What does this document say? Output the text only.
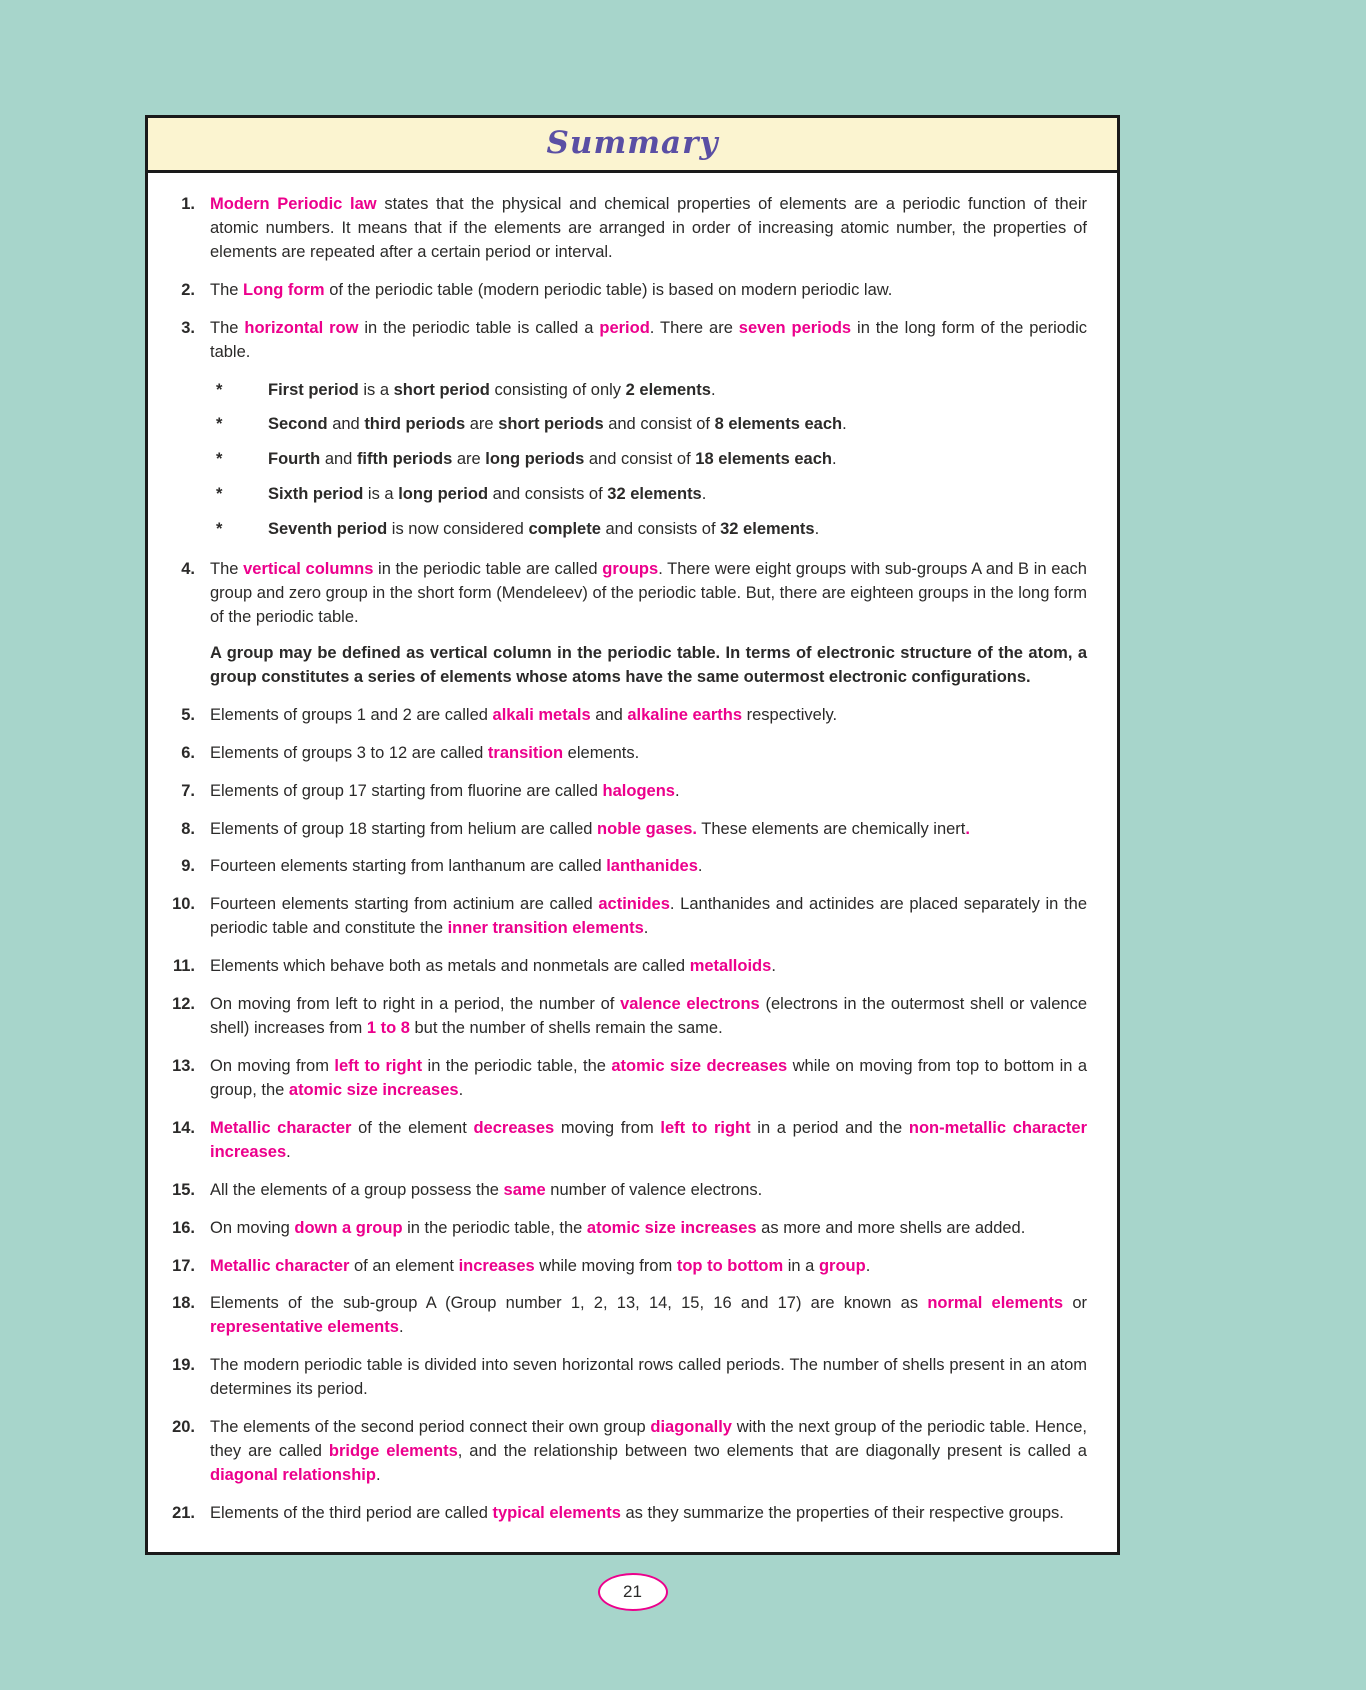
Summary
1. Modern Periodic law states that the physical and chemical properties of elements are a periodic function of their atomic numbers. It means that if the elements are arranged in order of increasing atomic number, the properties of elements are repeated after a certain period or interval.
2. The Long form of the periodic table (modern periodic table) is based on modern periodic law.
3. The horizontal row in the periodic table is called a period. There are seven periods in the long form of the periodic table.
*	First period is a short period consisting of only 2 elements.
*	Second and third periods are short periods and consist of 8 elements each.
*	Fourth and fifth periods are long periods and consist of 18 elements each.
*	Sixth period is a long period and consists of 32 elements.
*	Seventh period is now considered complete and consists of 32 elements.
4. The vertical columns in the periodic table are called groups. There were eight groups with sub-groups A and B in each group and zero group in the short form (Mendeleev) of the periodic table. But, there are eighteen groups in the long form of the periodic table.
A group may be defined as vertical column in the periodic table. In terms of electronic structure of the atom, a group constitutes a series of elements whose atoms have the same outermost electronic configurations.
5. Elements of groups 1 and 2 are called alkali metals and alkaline earths respectively.
6. Elements of groups 3 to 12 are called transition elements.
7. Elements of group 17 starting from fluorine are called halogens.
8. Elements of group 18 starting from helium are called noble gases. These elements are chemically inert.
9. Fourteen elements starting from lanthanum are called lanthanides.
10. Fourteen elements starting from actinium are called actinides. Lanthanides and actinides are placed separately in the periodic table and constitute the inner transition elements.
11. Elements which behave both as metals and nonmetals are called metalloids.
12. On moving from left to right in a period, the number of valence electrons (electrons in the outermost shell or valence shell) increases from 1 to 8 but the number of shells remain the same.
13. On moving from left to right in the periodic table, the atomic size decreases while on moving from top to bottom in a group, the atomic size increases.
14. Metallic character of the element decreases moving from left to right in a period and the non-metallic character increases.
15. All the elements of a group possess the same number of valence electrons.
16. On moving down a group in the periodic table, the atomic size increases as more and more shells are added.
17. Metallic character of an element increases while moving from top to bottom in a group.
18. Elements of the sub-group A (Group number 1, 2, 13, 14, 15, 16 and 17) are known as normal elements or representative elements.
19. The modern periodic table is divided into seven horizontal rows called periods. The number of shells present in an atom determines its period.
20. The elements of the second period connect their own group diagonally with the next group of the periodic table. Hence, they are called bridge elements, and the relationship between two elements that are diagonally present is called a diagonal relationship.
21. Elements of the third period are called typical elements as they summarize the properties of their respective groups.
21
